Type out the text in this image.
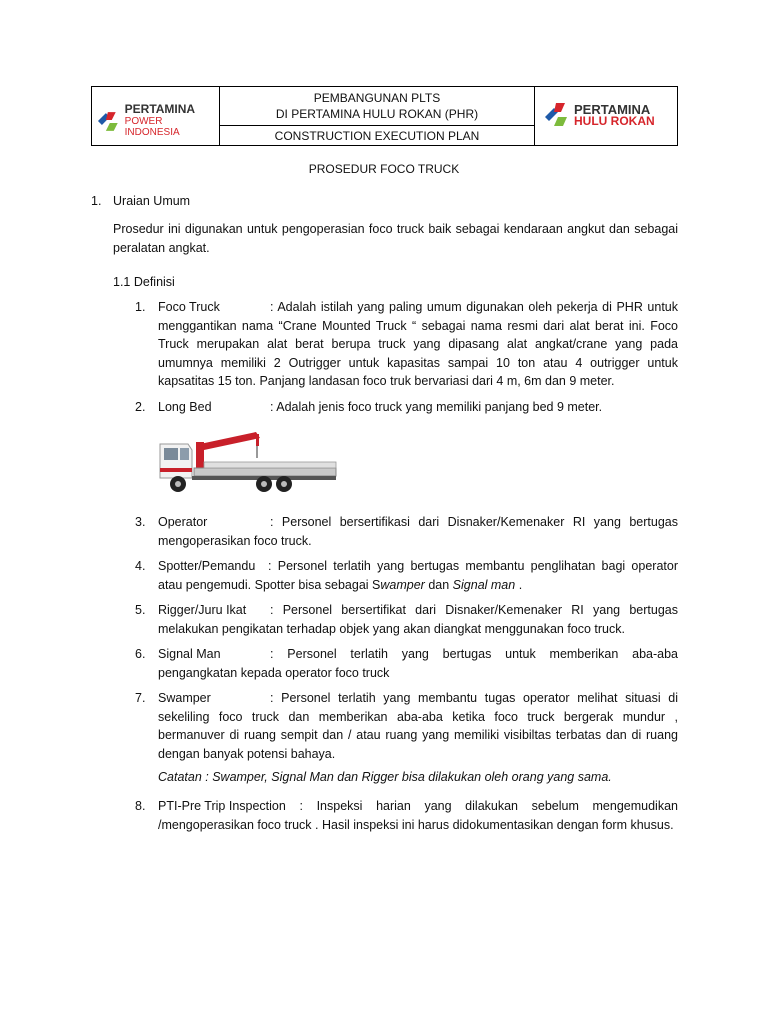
PERTAMINA
POWER INDONESIA
PEMBANGUNAN PLTS
DI PERTAMINA HULU ROKAN (PHR)
CONSTRUCTION EXECUTION PLAN
PERTAMINA
HULU ROKAN
PROSEDUR FOCO TRUCK
1. Uraian Umum
Prosedur ini digunakan untuk pengoperasian foco truck baik sebagai kendaraan angkut dan sebagai peralatan angkat.
1.1 Definisi
1.	Foco Truck	: Adalah istilah yang paling umum digunakan oleh pekerja di PHR untuk menggantikan nama “Crane Mounted Truck “ sebagai nama resmi dari alat berat ini. Foco Truck merupakan alat berat berupa truck yang dipasang alat angkat/crane yang pada umumnya memiliki 2 Outrigger untuk kapasitas sampai 10 ton atau 4 outrigger untuk kapsatitas 15 ton. Panjang landasan foco truk bervariasi dari 4 m, 6m dan 9 meter.
2.	Long Bed	: Adalah jenis foco truck yang memiliki panjang bed 9 meter.
3.	Operator	: Personel bersertifikasi dari Disnaker/Kemenaker RI yang bertugas mengoperasikan foco truck.
4.	Spotter/Pemandu : Personel terlatih yang bertugas membantu penglihatan bagi operator atau pengemudi. Spotter bisa sebagai Swamper dan Signal man .
5.	Rigger/Juru Ikat : Personel bersertifikat dari Disnaker/Kemenaker RI yang bertugas melakukan pengikatan terhadap objek yang akan diangkat menggunakan foco truck.
6.	Signal Man	: Personel terlatih yang bertugas untuk memberikan aba-aba pengangkatan kepada operator foco truck
7.	Swamper	: Personel terlatih yang membantu tugas operator melihat situasi di sekeliling foco truck dan memberikan aba-aba ketika foco truck bergerak mundur , bermanuver di ruang sempit dan / atau ruang yang memiliki visibiltas terbatas dan di ruang dengan banyak potensi bahaya.
Catatan : Swamper, Signal Man dan Rigger bisa dilakukan oleh orang yang sama.
8.	PTI-Pre Trip Inspection : Inspeksi harian yang dilakukan sebelum mengemudikan /mengoperasikan foco truck . Hasil inspeksi ini harus didokumentasikan dengan form khusus.
